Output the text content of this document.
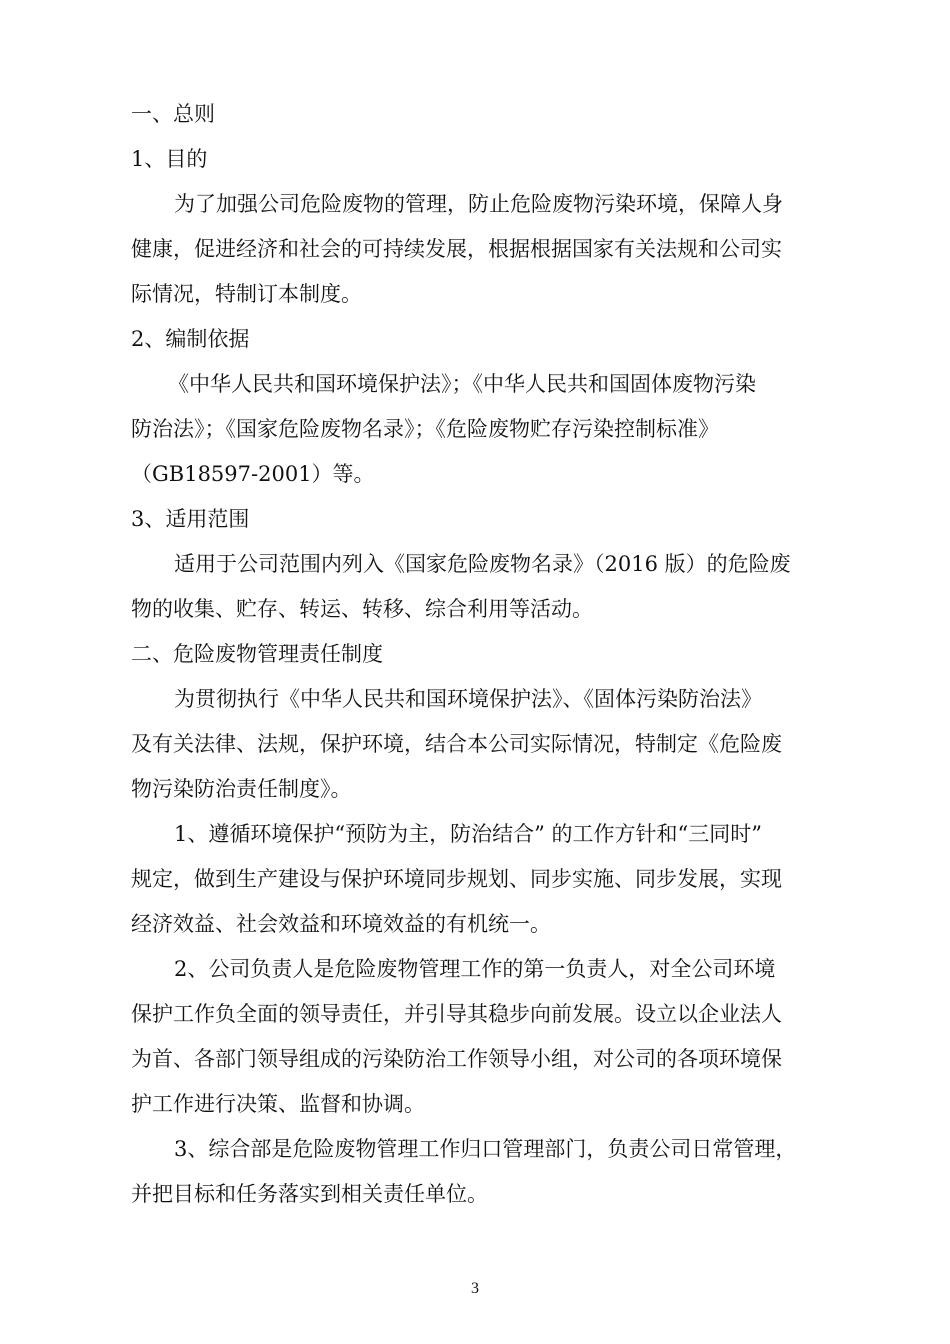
一、总则
1、目的
为了加强公司危险废物的管理，防止危险废物污染环境，保障人身
健康，促进经济和社会的可持续发展，根据根据国家有关法规和公司实
际情况，特制订本制度。
2、编制依据
《中华人民共和国环境保护法》；《中华人民共和国固体废物污染
防治法》；《国家危险废物名录》；《危险废物贮存污染控制标准》
（GB18597-2001）等。
3、适用范围
适用于公司范围内列入《国家危险废物名录》（2016 版）的危险废
物的收集、贮存、转运、转移、综合利用等活动。
二、危险废物管理责任制度
为贯彻执行《中华人民共和国环境保护法》、《固体污染防治法》
及有关法律、法规，保护环境，结合本公司实际情况，特制定《危险废
物污染防治责任制度》。
1、遵循环境保护“预防为主，防治结合” 的工作方针和“三同时”
规定，做到生产建设与保护环境同步规划、同步实施、同步发展，实现
经济效益、社会效益和环境效益的有机统一。
2、公司负责人是危险废物管理工作的第一负责人，对全公司环境
保护工作负全面的领导责任，并引导其稳步向前发展。设立以企业法人
为首、各部门领导组成的污染防治工作领导小组，对公司的各项环境保
护工作进行决策、监督和协调。
3、综合部是危险废物管理工作归口管理部门，负责公司日常管理，
并把目标和任务落实到相关责任单位。
3
